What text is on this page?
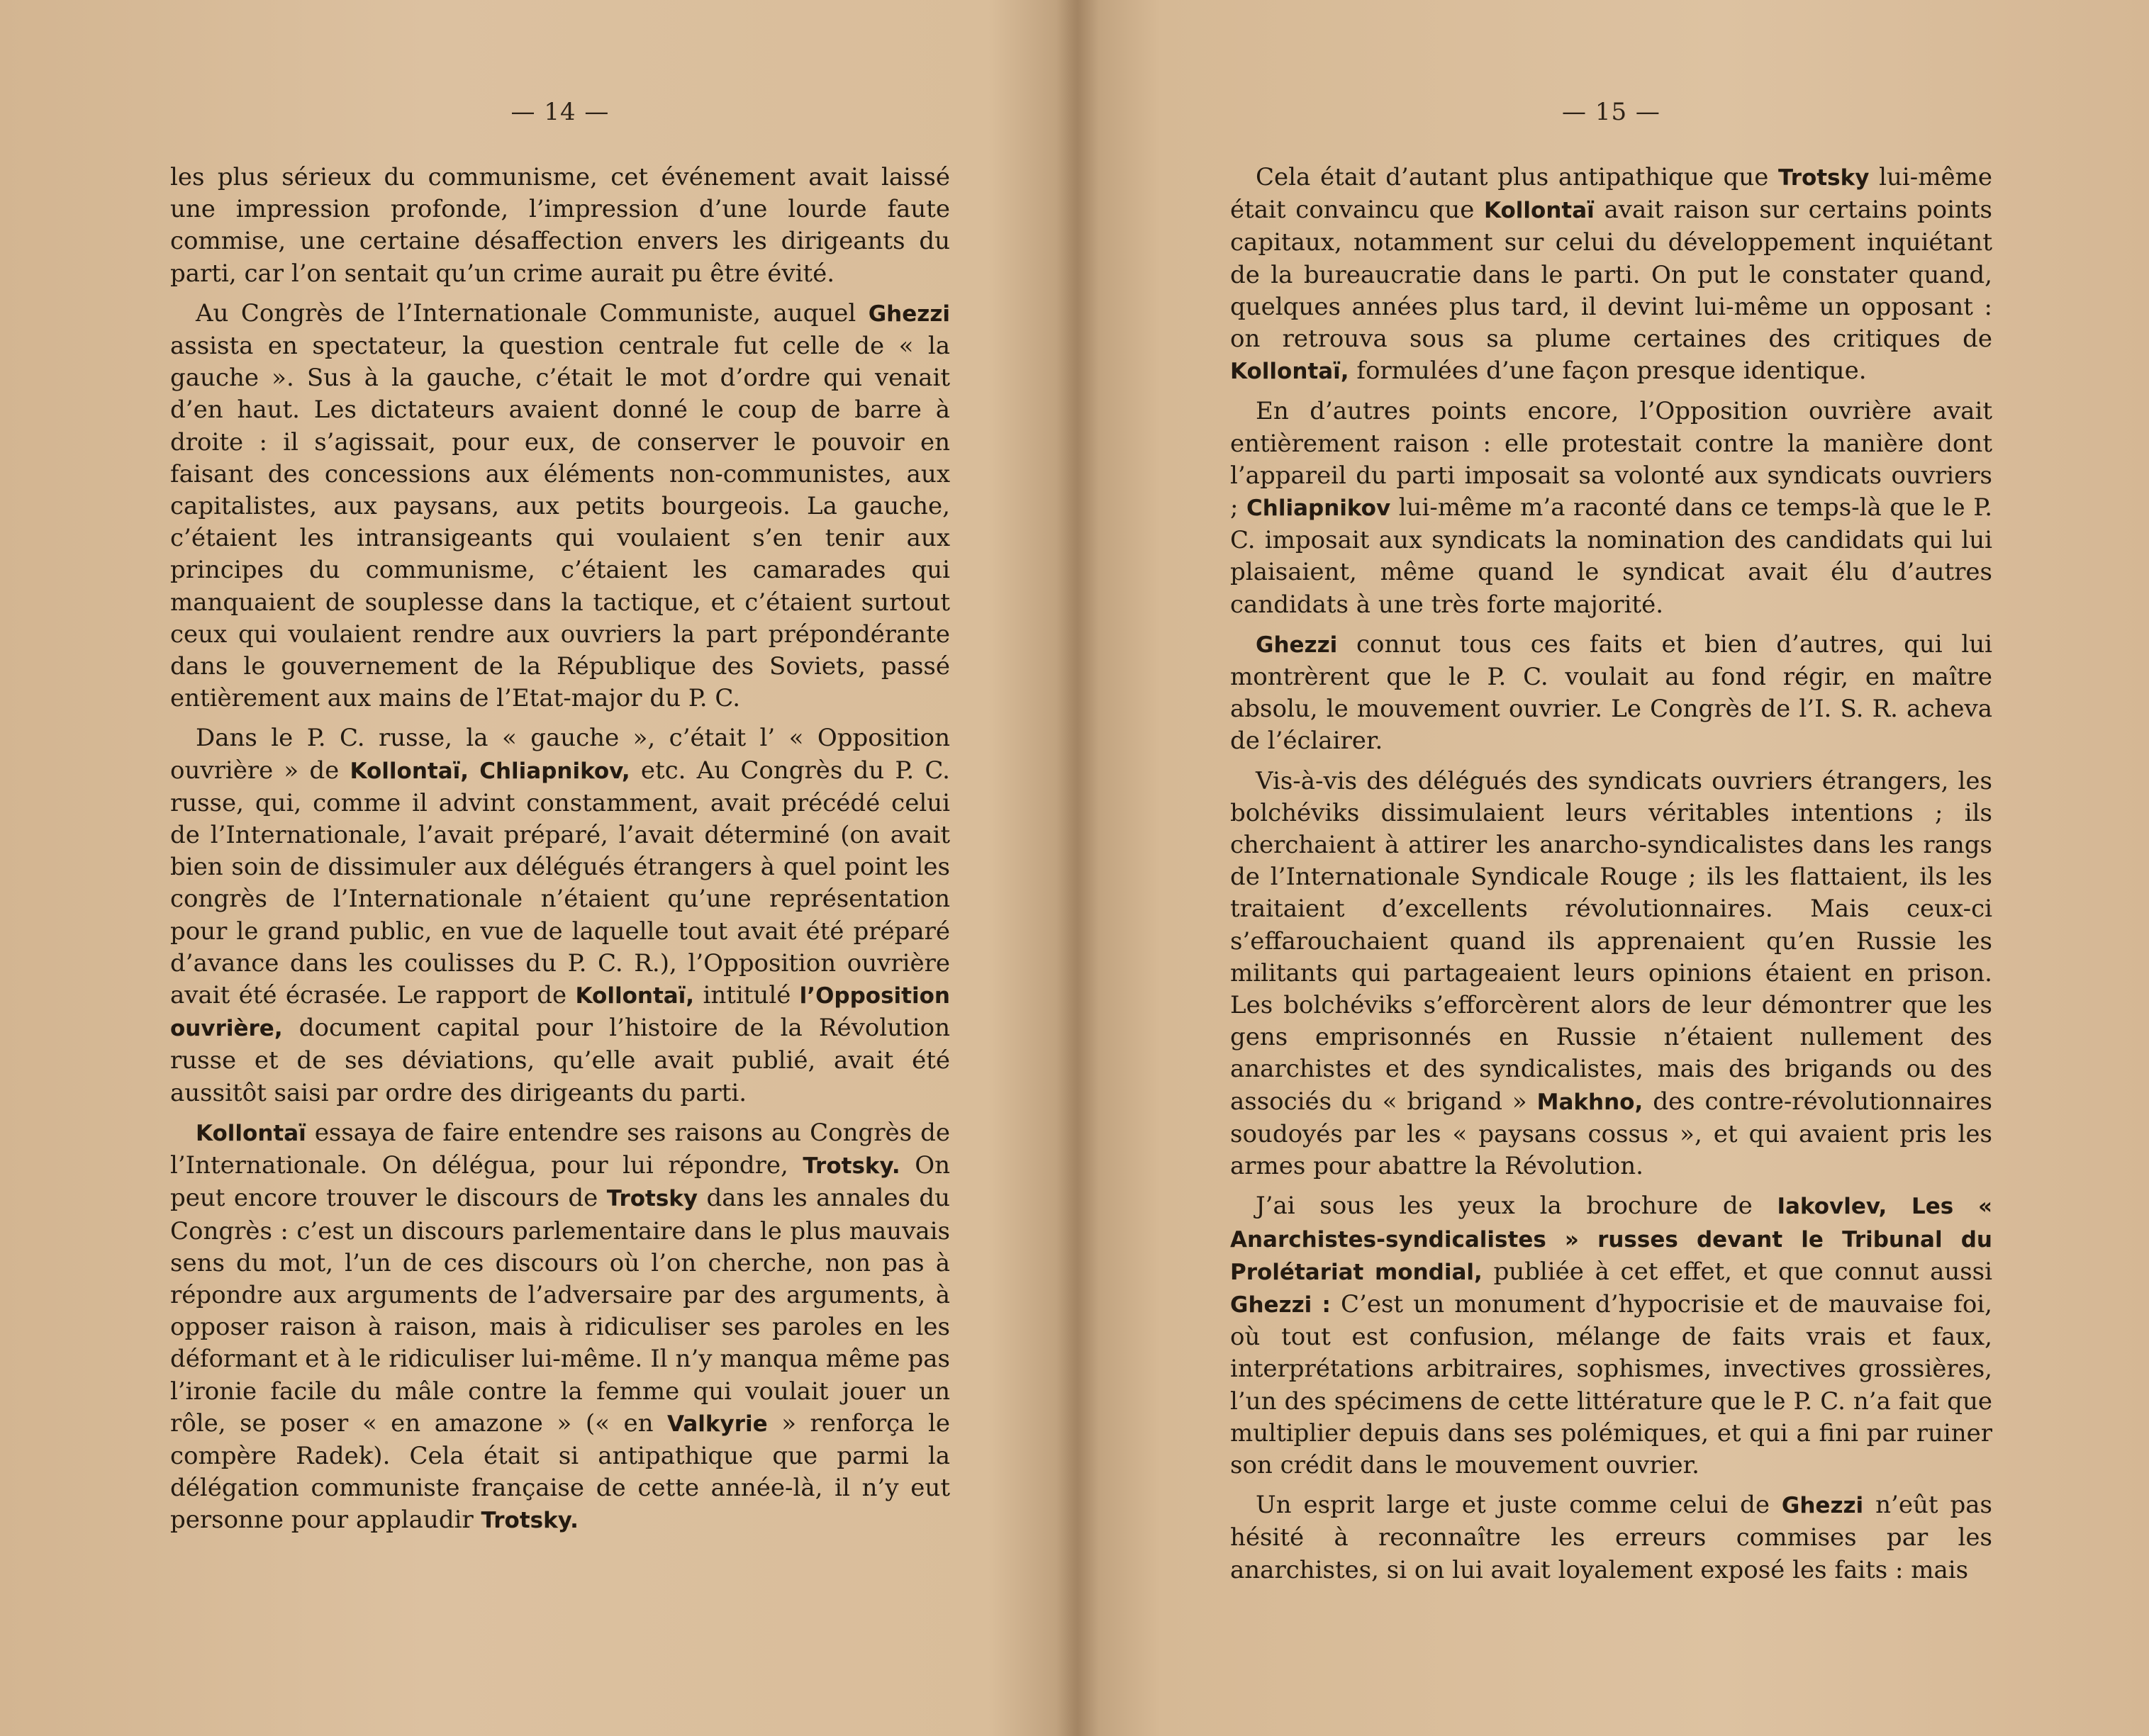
— 14 —

les plus sérieux du communisme, cet événement avait laissé une impression profonde, l’impression d’une lourde faute commise, une certaine désaffection envers les dirigeants du parti, car l’on sentait qu’un crime aurait pu être évité.

Au Congrès de l’Internationale Communiste, auquel Ghezzi assista en spectateur, la question centrale fut celle de « la gauche ». Sus à la gauche, c’était le mot d’ordre qui venait d’en haut. Les dictateurs avaient donné le coup de barre à droite : il s’agissait, pour eux, de conserver le pouvoir en faisant des concessions aux éléments non-communistes, aux capitalistes, aux paysans, aux petits bourgeois. La gauche, c’étaient les intransigeants qui voulaient s’en tenir aux principes du communisme, c’étaient les camarades qui manquaient de souplesse dans la tactique, et c’étaient surtout ceux qui voulaient rendre aux ouvriers la part prépondérante dans le gouvernement de la République des Soviets, passé entièrement aux mains de l’Etat-major du P. C.

Dans le P. C. russe, la « gauche », c’était l’ « Opposition ouvrière » de Kollontaï, Chliapnikov, etc. Au Congrès du P. C. russe, qui, comme il advint constamment, avait précédé celui de l’Internationale, l’avait préparé, l’avait déterminé (on avait bien soin de dissimuler aux délégués étrangers à quel point les congrès de l’Internationale n’étaient qu’une représentation pour le grand public, en vue de laquelle tout avait été préparé d’avance dans les coulisses du P. C. R.), l’Opposition ouvrière avait été écrasée. Le rapport de Kollontaï, intitulé l’Opposition ouvrière, document capital pour l’histoire de la Révolution russe et de ses déviations, qu’elle avait publié, avait été aussitôt saisi par ordre des dirigeants du parti.

Kollontaï essaya de faire entendre ses raisons au Congrès de l’Internationale. On délégua, pour lui répondre, Trotsky. On peut encore trouver le discours de Trotsky dans les annales du Congrès : c’est un discours parlementaire dans le plus mauvais sens du mot, l’un de ces discours où l’on cherche, non pas à répondre aux arguments de l’adversaire par des arguments, à opposer raison à raison, mais à ridiculiser ses paroles en les déformant et à le ridiculiser lui-même. Il n’y manqua même pas l’ironie facile du mâle contre la femme qui voulait jouer un rôle, se poser « en amazone » (« en Valkyrie » renforça le compère Radek). Cela était si antipathique que parmi la délégation communiste française de cette année-là, il n’y eut personne pour applaudir Trotsky.

— 15 —

Cela était d’autant plus antipathique que Trotsky lui-même était convaincu que Kollontaï avait raison sur certains points capitaux, notamment sur celui du développement inquiétant de la bureaucratie dans le parti. On put le constater quand, quelques années plus tard, il devint lui-même un opposant : on retrouva sous sa plume certaines des critiques de Kollontaï, formulées d’une façon presque identique.

En d’autres points encore, l’Opposition ouvrière avait entièrement raison : elle protestait contre la manière dont l’appareil du parti imposait sa volonté aux syndicats ouvriers ; Chliapnikov lui-même m’a raconté dans ce temps-là que le P. C. imposait aux syndicats la nomination des candidats qui lui plaisaient, même quand le syndicat avait élu d’autres candidats à une très forte majorité.

Ghezzi connut tous ces faits et bien d’autres, qui lui montrèrent que le P. C. voulait au fond régir, en maître absolu, le mouvement ouvrier. Le Congrès de l’I. S. R. acheva de l’éclairer.

Vis-à-vis des délégués des syndicats ouvriers étrangers, les bolchéviks dissimulaient leurs véritables intentions ; ils cherchaient à attirer les anarcho-syndicalistes dans les rangs de l’Internationale Syndicale Rouge ; ils les flattaient, ils les traitaient d’excellents révolutionnaires. Mais ceux-ci s’effarouchaient quand ils apprenaient qu’en Russie les militants qui partageaient leurs opinions étaient en prison. Les bolchéviks s’efforcèrent alors de leur démontrer que les gens emprisonnés en Russie n’étaient nullement des anarchistes et des syndicalistes, mais des brigands ou des associés du « brigand » Makhno, des contre-révolutionnaires soudoyés par les « paysans cossus », et qui avaient pris les armes pour abattre la Révolution.

J’ai sous les yeux la brochure de Iakovlev, Les « Anarchistes-syndicalistes » russes devant le Tribunal du Prolétariat mondial, publiée à cet effet, et que connut aussi Ghezzi : C’est un monument d’hypocrisie et de mauvaise foi, où tout est confusion, mélange de faits vrais et faux, interprétations arbitraires, sophismes, invectives grossières, l’un des spécimens de cette littérature que le P. C. n’a fait que multiplier depuis dans ses polémiques, et qui a fini par ruiner son crédit dans le mouvement ouvrier.

Un esprit large et juste comme celui de Ghezzi n’eût pas hésité à reconnaître les erreurs commises par les anarchistes, si on lui avait loyalement exposé les faits : mais
